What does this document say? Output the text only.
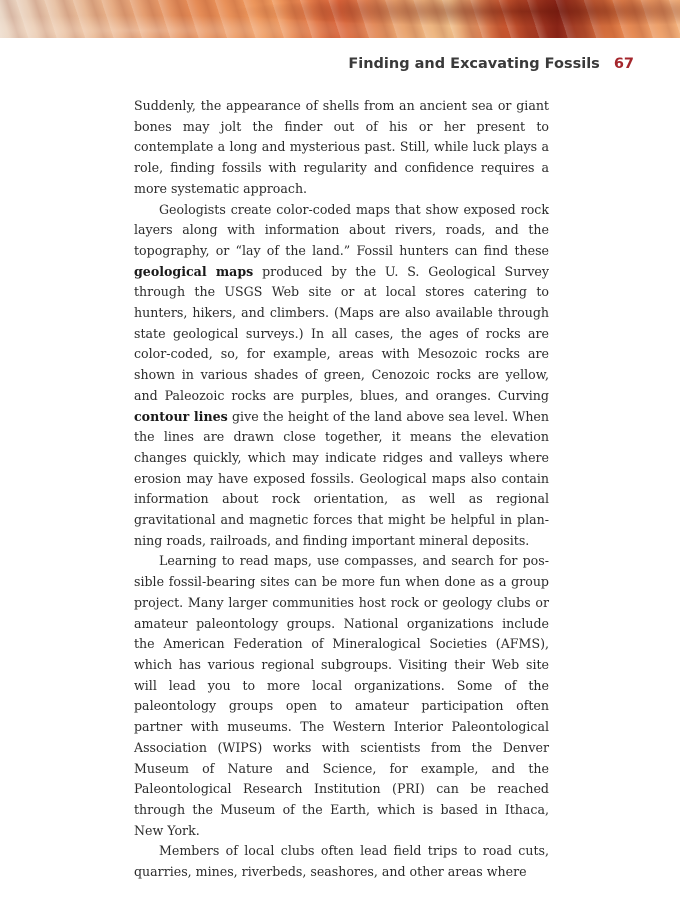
Finding and Excavating Fossils 67

Suddenly, the appearance of shells from an ancient sea or giant bones may jolt the finder out of his or her present to contemplate a long and mysterious past. Still, while luck plays a role, finding fossils with regularity and confidence requires a more systematic approach.

Geologists create color-coded maps that show exposed rock layers along with information about rivers, roads, and the topography, or “lay of the land.” Fossil hunters can find these geological maps produced by the U. S. Geological Survey through the USGS Web site or at local stores catering to hunters, hikers, and climbers. (Maps are also available through state geological surveys.) In all cases, the ages of rocks are color-coded, so, for example, areas with Mesozoic rocks are shown in various shades of green, Cenozoic rocks are yellow, and Paleozoic rocks are purples, blues, and oranges. Curving contour lines give the height of the land above sea level. When the lines are drawn close together, it means the elevation changes quickly, which may indicate ridges and valleys where erosion may have exposed fossils. Geological maps also contain information about rock orientation, as well as regional gravitational and magnetic forces that might be helpful in planning roads, railroads, and finding important mineral deposits.

Learning to read maps, use compasses, and search for possible fossil-bearing sites can be more fun when done as a group project. Many larger communities host rock or geology clubs or amateur paleontology groups. National organizations include the American Federation of Mineralogical Societies (AFMS), which has various regional subgroups. Visiting their Web site will lead you to more local organizations. Some of the paleontology groups open to amateur participation often partner with museums. The Western Interior Paleontological Association (WIPS) works with scientists from the Denver Museum of Nature and Science, for example, and the Paleontological Research Institution (PRI) can be reached through the Museum of the Earth, which is based in Ithaca, New York.

Members of local clubs often lead field trips to road cuts, quarries, mines, riverbeds, seashores, and other areas where
